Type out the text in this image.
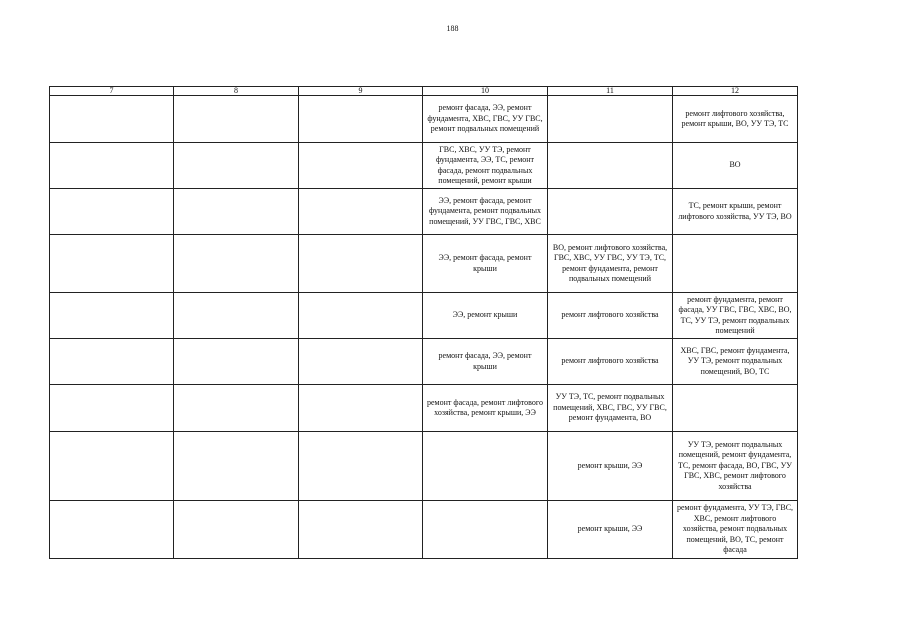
188
7	8	9	10	11	12
			ремонт фасада, ЭЭ, ремонт фундамента, ХВС, ГВС, УУ ГВС, ремонт подвальных помещений		ремонт лифтового хозяйства, ремонт крыши, ВО, УУ ТЭ, ТС
			ГВС, ХВС, УУ ТЭ, ремонт фундамента, ЭЭ, ТС, ремонт фасада, ремонт подвальных помещений, ремонт крыши		ВО
			ЭЭ, ремонт фасада, ремонт фундамента, ремонт подвальных помещений, УУ ГВС, ГВС, ХВС		ТС, ремонт крыши, ремонт лифтового хозяйства, УУ ТЭ, ВО
			ЭЭ, ремонт фасада, ремонт крыши	ВО, ремонт лифтового хозяйства, ГВС, ХВС, УУ ГВС, УУ ТЭ, ТС, ремонт фундамента, ремонт подвальных помещений	
			ЭЭ, ремонт крыши	ремонт лифтового хозяйства	ремонт фундамента, ремонт фасада, УУ ГВС, ГВС, ХВС, ВО, ТС, УУ ТЭ, ремонт подвальных помещений
			ремонт фасада, ЭЭ, ремонт крыши	ремонт лифтового хозяйства	ХВС, ГВС, ремонт фундамента, УУ ТЭ, ремонт подвальных помещений, ВО, ТС
			ремонт фасада, ремонт лифтового хозяйства, ремонт крыши, ЭЭ	УУ ТЭ, ТС, ремонт подвальных помещений, ХВС, ГВС, УУ ГВС, ремонт фундамента, ВО	
				ремонт крыши, ЭЭ	УУ ТЭ, ремонт подвальных помещений, ремонт фундамента, ТС, ремонт фасада, ВО, ГВС, УУ ГВС, ХВС, ремонт лифтового хозяйства
				ремонт крыши, ЭЭ	ремонт фундамента, УУ ТЭ, ГВС, ХВС, ремонт лифтового хозяйства, ремонт подвальных помещений, ВО, ТС, ремонт фасада
